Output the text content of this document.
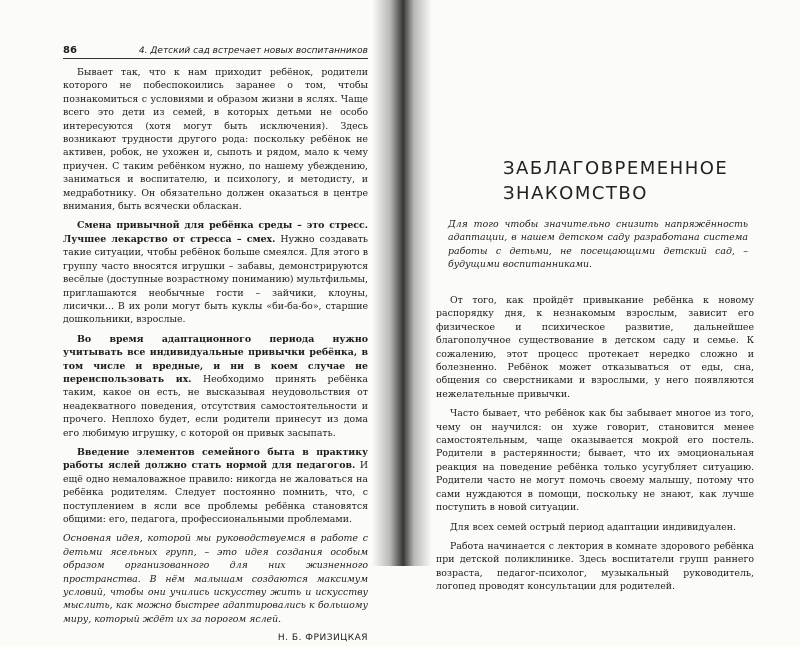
86	4. Детский сад встречает новых воспитанников

Бывает так, что к нам приходит ребёнок, родители которого не побеспокоились заранее о том, чтобы познакомиться с условиями и образом жизни в яслях. Чаще всего это дети из семей, в которых детьми не особо интересуются (хотя могут быть исключения). Здесь возникают трудности другого рода: поскольку ребёнок не активен, робок, не ухожен и, сыпоть и рядом, мало к чему приучен. С таким ребёнком нужно, по нашему убеждению, заниматься и воспитателю, и психологу, и методисту, и медработнику. Он обязательно должен оказаться в центре внимания, быть всячески обласкан.

Смена привычной для ребёнка среды – это стресс. Лучшее лекарство от стресса – смех. Нужно создавать такие ситуации, чтобы ребёнок больше смеялся. Для этого в группу часто вносятся игрушки – забавы, демонстрируются весёлые (доступные возрастному пониманию) мультфильмы, приглашаются необычные гости – зайчики, клоуны, лисички... В их роли могут быть куклы «би-ба-бо», старшие дошкольники, взрослые.

Во время адаптационного периода нужно учитывать все индивидуальные привычки ребёнка, в том числе и вредные, и ни в коем случае не переиспользовать их. Необходимо принять ребёнка таким, какое он есть, не высказывая неудовольствия от неадекватного поведения, отсутствия самостоятельности и прочего. Неплохо будет, если родители принесут из дома его любимую игрушку, с которой он привык засыпать.

Введение элементов семейного быта в практику работы яслей должно стать нормой для педагогов. И ещё одно немаловажное правило: никогда не жаловаться на ребёнка родителям. Следует постоянно помнить, что, с поступлением в ясли все проблемы ребёнка становятся общими: его, педагога, профессиональными проблемами.

Основная идея, которой мы руководствуемся в работе с детьми ясельных групп, – это идея создания особым образом организованного для них жизненного пространства. В нём малышам создаются максимум условий, чтобы они учились искусству жить и искусству мыслить, как можно быстрее адаптировались к большому миру, который ждёт их за порогом яслей.

Н. Б. ФРИЗИЦКАЯ
ЗАБЛАГОВРЕМЕННОЕ
ЗНАКОМСТВО
Для того чтобы значительно снизить напряжённость адаптации, в нашем детском саду разработана система работы с детьми, не посещающими детский сад, – будущими воспитанниками.

От того, как пройдёт привыкание ребёнка к новому распорядку дня, к незнакомым взрослым, зависит его физическое и психическое развитие, дальнейшее благополучное существование в детском саду и семье. К сожалению, этот процесс протекает нередко сложно и болезненно. Ребёнок может отказываться от еды, сна, общения со сверстниками и взрослыми, у него появляются нежелательные привычки.

Часто бывает, что ребёнок как бы забывает многое из того, чему он научился: он хуже говорит, становится менее самостоятельным, чаще оказывается мокрой его постель. Родители в растерянности; бывает, что их эмоциональная реакция на поведение ребёнка только усугубляет ситуацию. Родители часто не могут помочь своему малышу, потому что сами нуждаются в помощи, поскольку не знают, как лучше поступить в новой ситуации.

Для всех семей острый период адаптации индивидуален.

Работа начинается с лектория в комнате здорового ребёнка при детской поликлинике. Здесь воспитатели групп раннего возраста, педагог-психолог, музыкальный руководитель, логопед проводят консультации для родителей.
